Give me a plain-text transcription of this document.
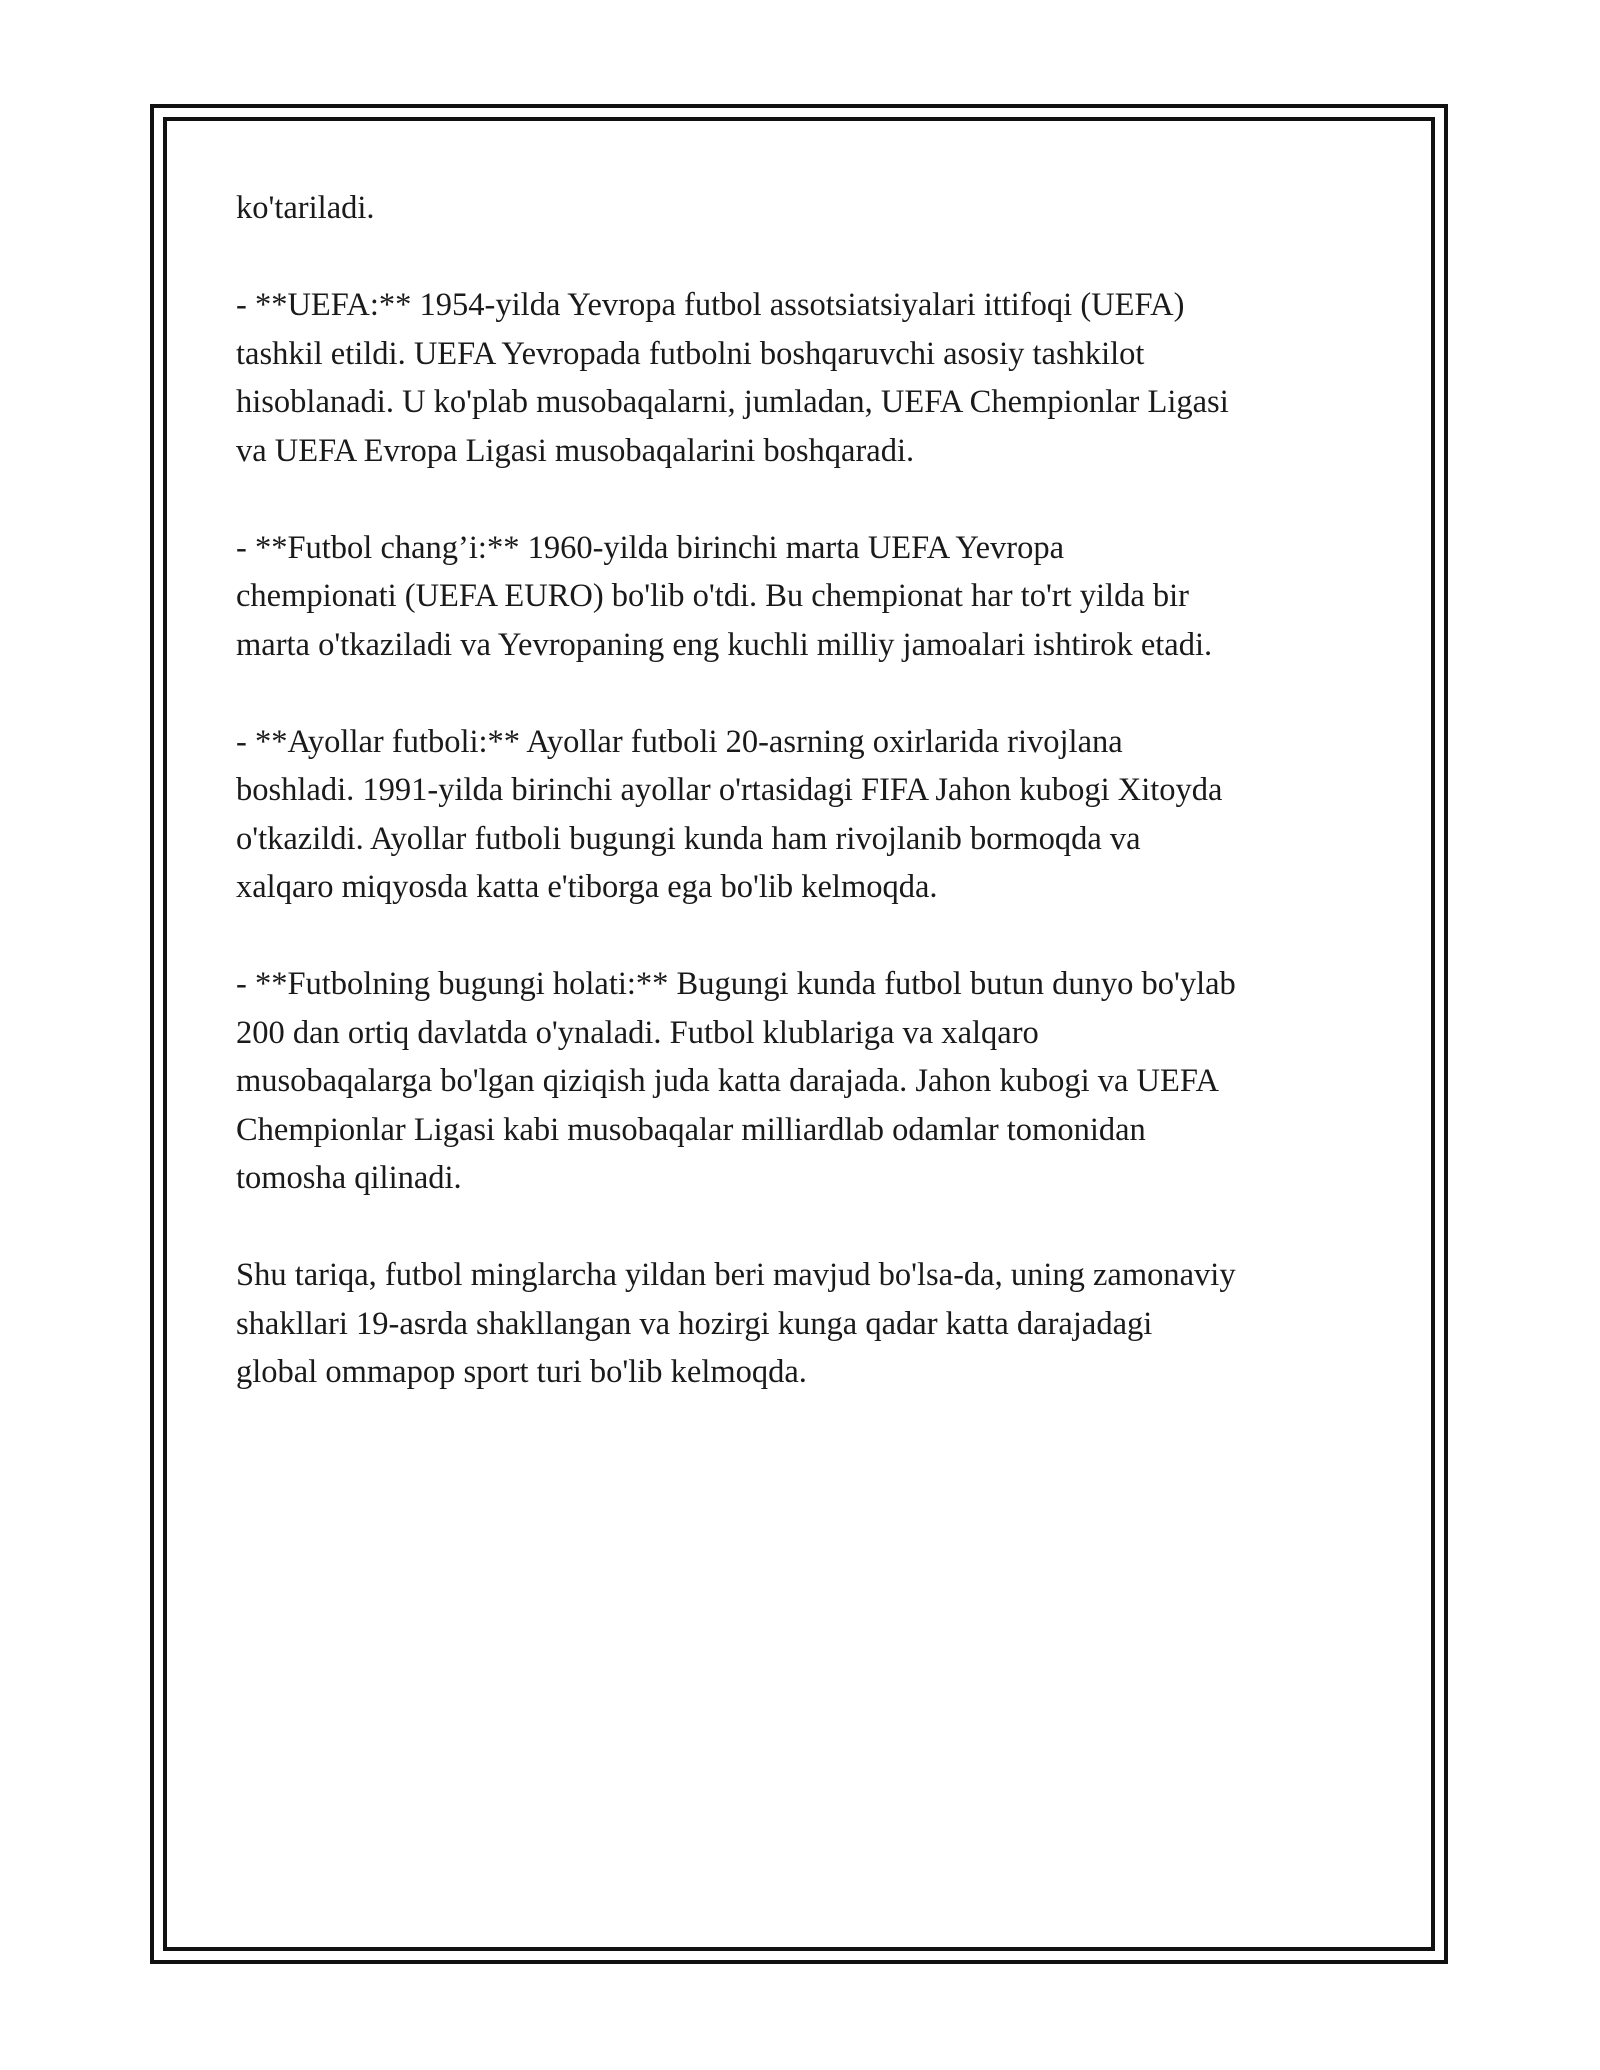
ko'tariladi.

- **UEFA:** 1954-yilda Yevropa futbol assotsiatsiyalari ittifoqi (UEFA)
tashkil etildi. UEFA Yevropada futbolni boshqaruvchi asosiy tashkilot
hisoblanadi. U ko'plab musobaqalarni, jumladan, UEFA Chempionlar Ligasi
va UEFA Evropa Ligasi musobaqalarini boshqaradi.

- **Futbol chang’i:** 1960-yilda birinchi marta UEFA Yevropa
chempionati (UEFA EURO) bo'lib o'tdi. Bu chempionat har to'rt yilda bir
marta o'tkaziladi va Yevropaning eng kuchli milliy jamoalari ishtirok etadi.

- **Ayollar futboli:** Ayollar futboli 20-asrning oxirlarida rivojlana
boshladi. 1991-yilda birinchi ayollar o'rtasidagi FIFA Jahon kubogi Xitoyda
o'tkazildi. Ayollar futboli bugungi kunda ham rivojlanib bormoqda va
xalqaro miqyosda katta e'tiborga ega bo'lib kelmoqda.

- **Futbolning bugungi holati:** Bugungi kunda futbol butun dunyo bo'ylab
200 dan ortiq davlatda o'ynaladi. Futbol klublariga va xalqaro
musobaqalarga bo'lgan qiziqish juda katta darajada. Jahon kubogi va UEFA
Chempionlar Ligasi kabi musobaqalar milliardlab odamlar tomonidan
tomosha qilinadi.

Shu tariqa, futbol minglarcha yildan beri mavjud bo'lsa-da, uning zamonaviy
shakllari 19-asrda shakllangan va hozirgi kunga qadar katta darajadagi
global ommapop sport turi bo'lib kelmoqda.
